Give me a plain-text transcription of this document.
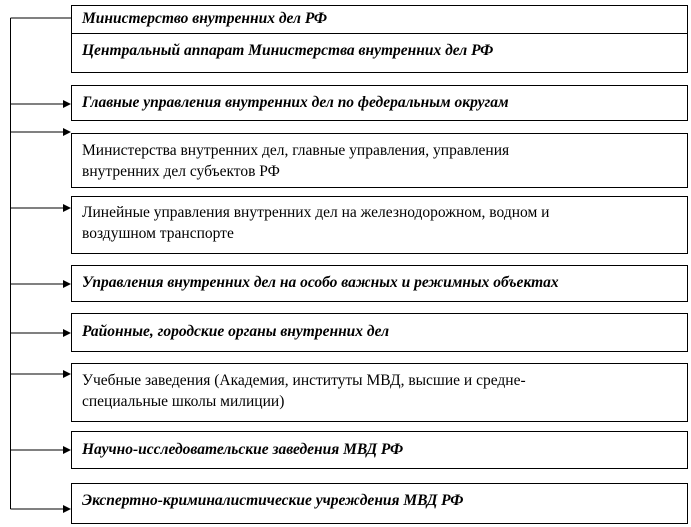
Министерство внутренних дел РФ
Центральный аппарат Министерства внутренних дел РФ
Главные управления внутренних дел по федеральным округам
Министерства внутренних дел, главные управления, управления
внутренних дел субъектов РФ
Линейные управления внутренних дел на железнодорожном, водном и
воздушном транспорте
Управления внутренних дел на особо важных и режимных объектах
Районные, городские органы внутренних дел
Учебные заведения (Академия, институты МВД, высшие и средне-
специальные школы милиции)
Научно-исследовательские заведения МВД РФ
Экспертно-криминалистические учреждения МВД РФ
